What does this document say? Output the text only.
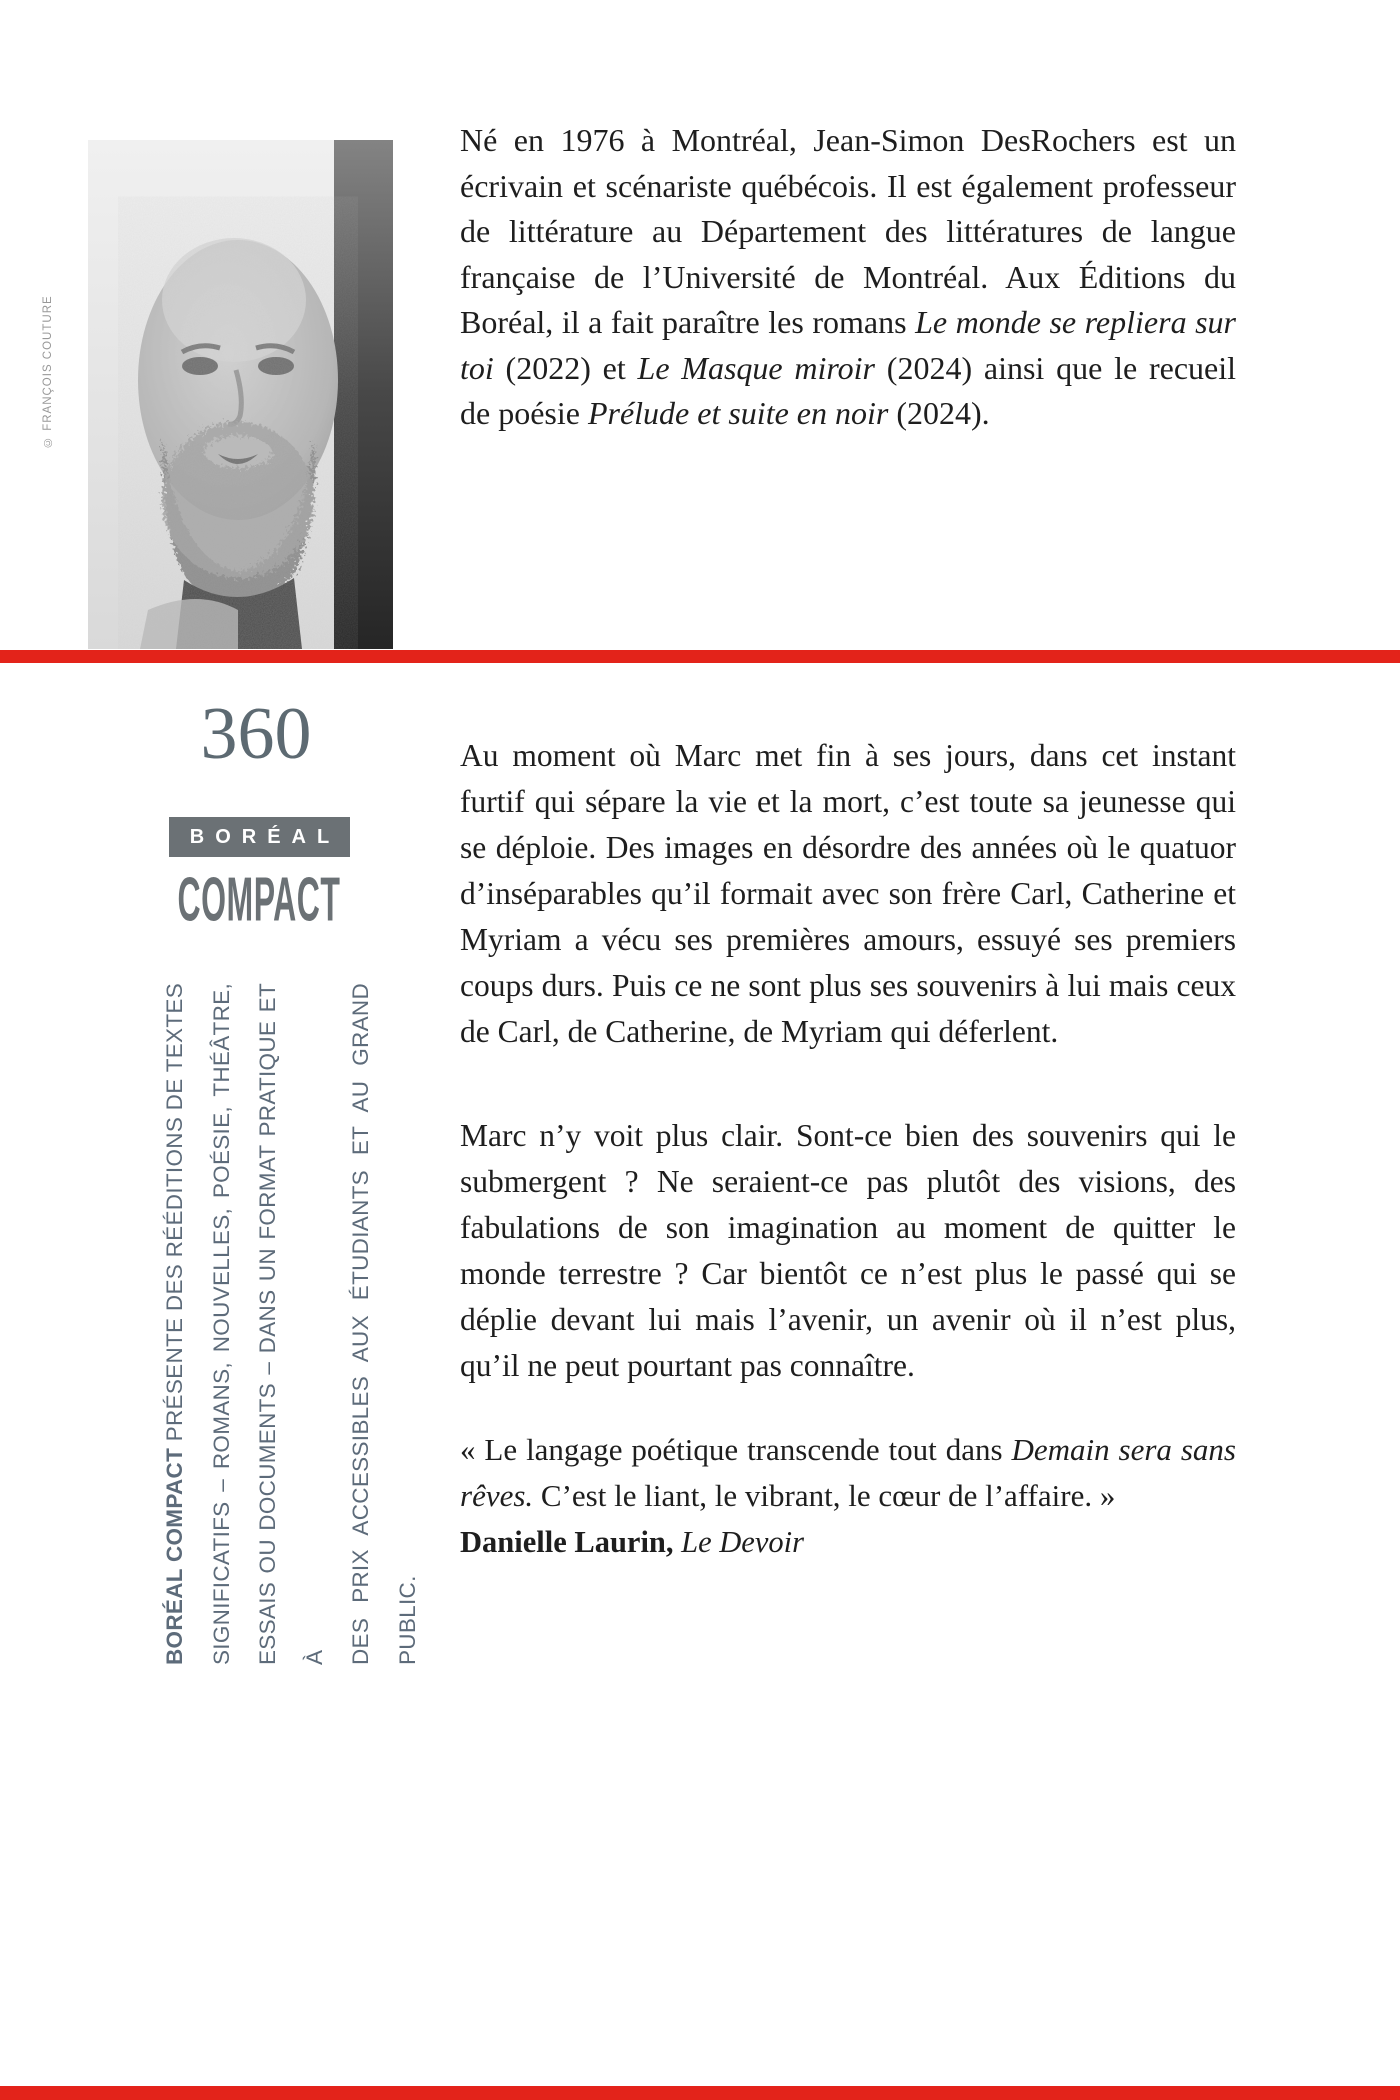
© FRANÇOIS COUTURE
360
BORÉAL
COMPACT
BORÉAL COMPACT PRÉSENTE DES RÉÉDITIONS DE TEXTES SIGNIFICATIFS – ROMANS, NOUVELLES, POÉSIE, THÉÂTRE, ESSAIS OU DOCUMENTS – DANS UN FORMAT PRATIQUE ET À DES PRIX ACCESSIBLES AUX ÉTUDIANTS ET AU GRAND PUBLIC.

Né en 1976 à Montréal, Jean-Simon DesRochers est un écrivain et scénariste québécois. Il est également professeur de littérature au Département des littératures de langue française de l’Université de Montréal. Aux Éditions du Boréal, il a fait paraître les romans Le monde se repliera sur toi (2022) et Le Masque miroir (2024) ainsi que le recueil de poésie Prélude et suite en noir (2024).

Au moment où Marc met fin à ses jours, dans cet instant furtif qui sépare la vie et la mort, c’est toute sa jeunesse qui se déploie. Des images en désordre des années où le quatuor d’inséparables qu’il formait avec son frère Carl, Catherine et Myriam a vécu ses premières amours, essuyé ses premiers coups durs. Puis ce ne sont plus ses souvenirs à lui mais ceux de Carl, de Catherine, de Myriam qui déferlent.

Marc n’y voit plus clair. Sont-ce bien des souvenirs qui le submergent ? Ne seraient-ce pas plutôt des visions, des fabulations de son imagination au moment de quitter le monde terrestre ? Car bientôt ce n’est plus le passé qui se déplie devant lui mais l’avenir, un avenir où il n’est plus, qu’il ne peut pourtant pas connaître.

« Le langage poétique transcende tout dans Demain sera sans rêves. C’est le liant, le vibrant, le cœur de l’affaire. »

Danielle Laurin, Le Devoir
